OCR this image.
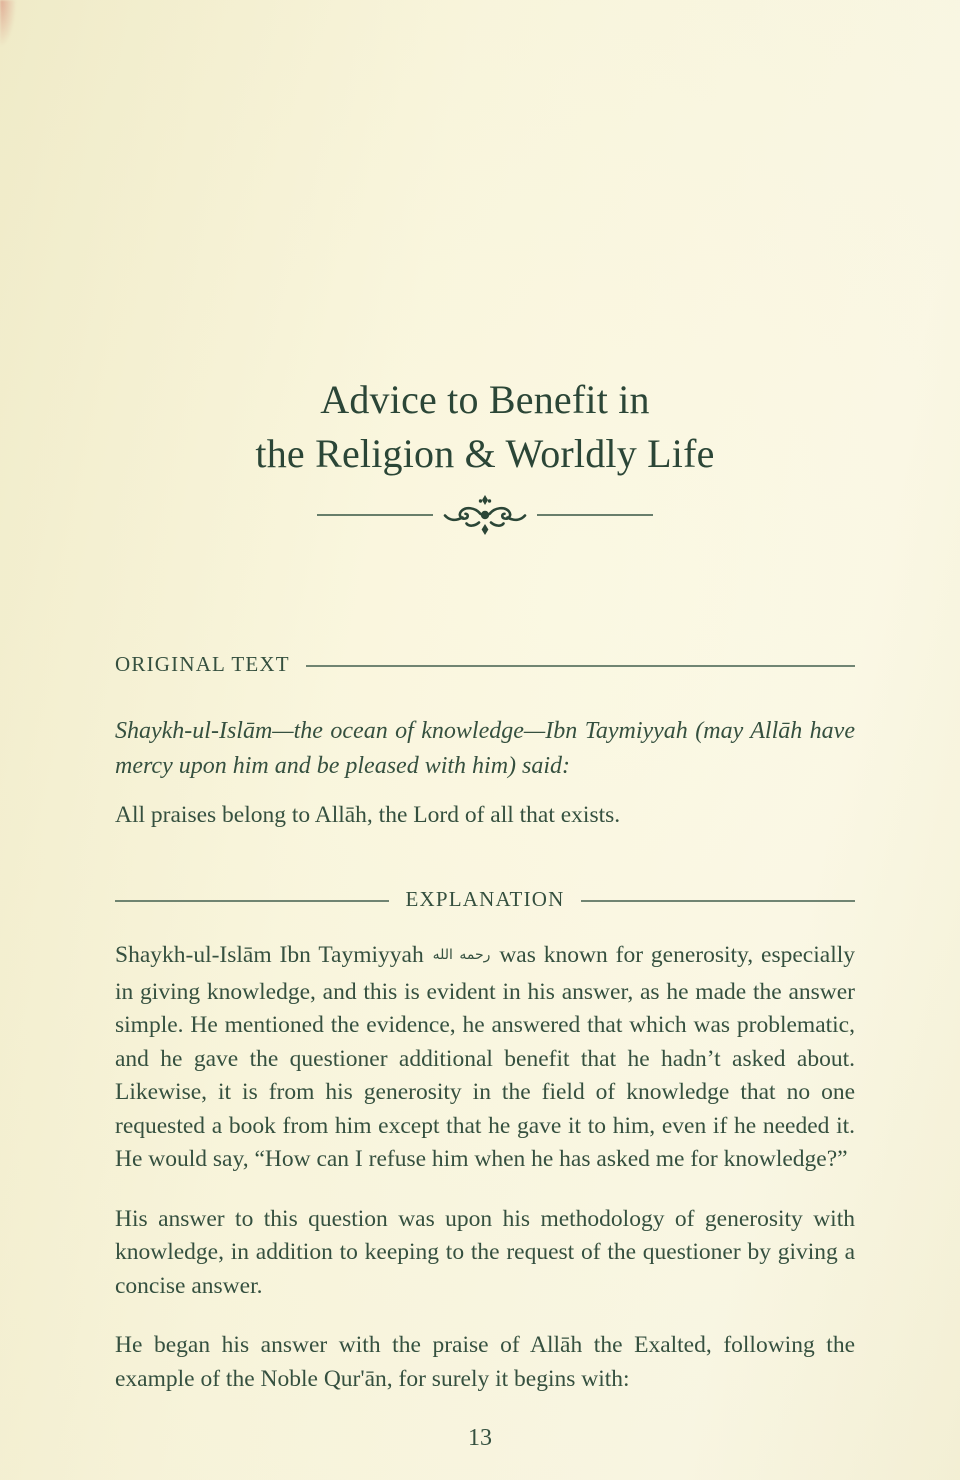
Advice to Benefit in
the Religion & Worldly Life
ORIGINAL TEXT

Shaykh-ul-Islām—the ocean of knowledge—Ibn Taymiyyah (may Allāh have mercy upon him and be pleased with him) said:

All praises belong to Allāh, the Lord of all that exists.

EXPLANATION

Shaykh-ul-Islām Ibn Taymiyyah رحمه الله was known for generosity, especially in giving knowledge, and this is evident in his answer, as he made the answer simple. He mentioned the evidence, he answered that which was problematic, and he gave the questioner additional benefit that he hadn’t asked about. Likewise, it is from his generosity in the field of knowledge that no one requested a book from him except that he gave it to him, even if he needed it. He would say, “How can I refuse him when he has asked me for knowledge?”

His answer to this question was upon his methodology of generosity with knowledge, in addition to keeping to the request of the questioner by giving a concise answer.

He began his answer with the praise of Allāh the Exalted, following the example of the Noble Qur'ān, for surely it begins with:

13
